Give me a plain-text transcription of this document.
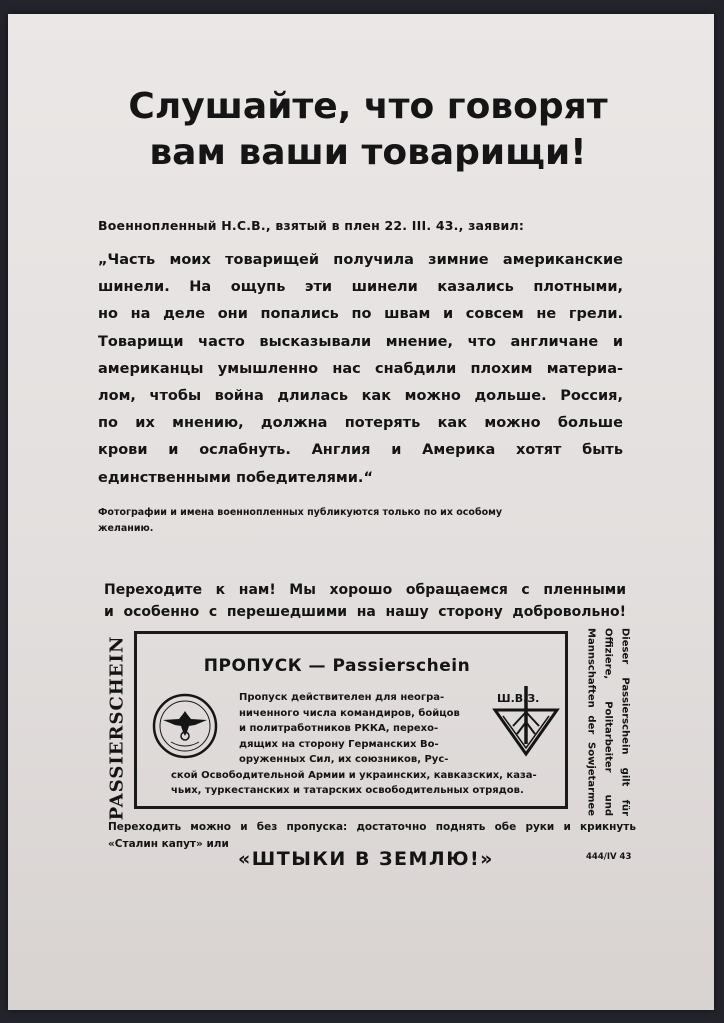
Слушайте, что говорят
вам ваши товарищи!
Военнопленный Н.С.В., взятый в плен 22. III. 43., заявил:
„Часть моих товарищей получила зимние американские
шинели. На ощупь эти шинели казались плотными,
но на деле они попались по швам и совсем не грели.
Товарищи часто высказывали мнение, что англичане и
американцы умышленно нас снабдили плохим материа-
лом, чтобы война длилась как можно дольше. Россия,
по их мнению, должна потерять как можно больше
крови и ослабнуть. Англия и Америка хотят быть
единственными победителями.“
Фотографии и имена военнопленных публикуются только по их особому
желанию.
Переходите к нам! Мы хорошо обращаемся с пленными
и особенно с перешедшими на нашу сторону добровольно!
PASSIERSCHEIN	ПРОПУСК — Passierschein
Пропуск действителен для неогра-
ниченного числа командиров, бойцов
и политработников РККА, перехо-
дящих на сторону Германских Во-
оруженных Сил, их союзников, Рус-
ской Освободительной Армии и украинских, кавказских, каза-
чьих, туркестанских и татарских освободительных отрядов.
Ш.В.З.	Dieser Passierschein gilt für
Offiziere, Politarbeiter und
Mannschaften der Sowjetarmee
Переходить можно и без пропуска: достаточно поднять обе руки и крикнуть
«Сталин капут» или
«ШТЫКИ В ЗЕМЛЮ!»	444/IV 43
